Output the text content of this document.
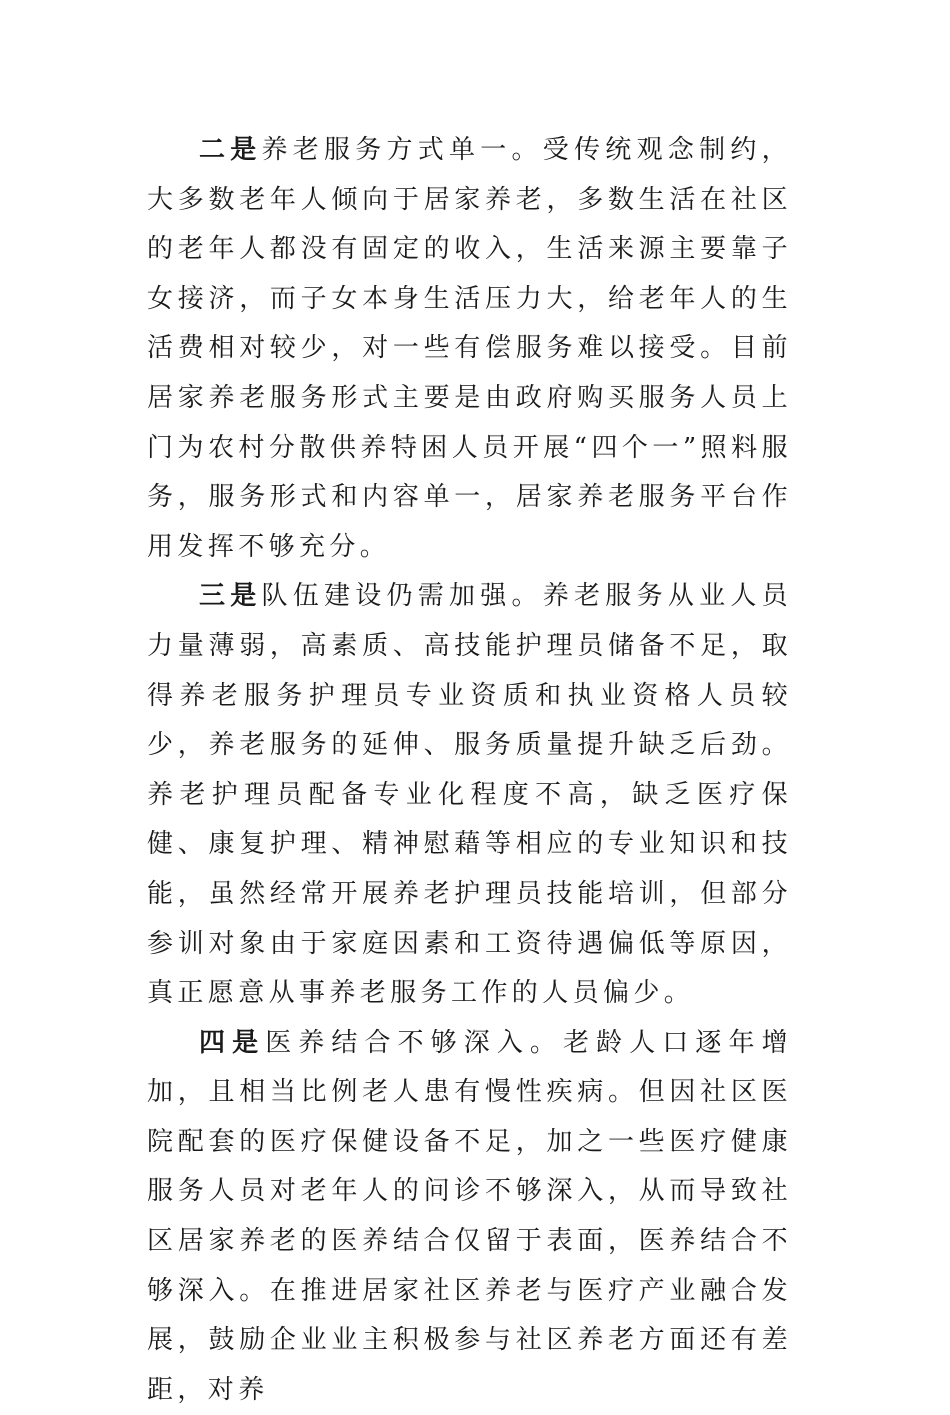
二是养老服务方式单一。受传统观念制约，大多数老年人倾向于居家养老，多数生活在社区的老年人都没有固定的收入，生活来源主要靠子女接济，而子女本身生活压力大，给老年人的生活费相对较少，对一些有偿服务难以接受。目前居家养老服务形式主要是由政府购买服务人员上门为农村分散供养特困人员开展“四个一”照料服务，服务形式和内容单一，居家养老服务平台作用发挥不够充分。

三是队伍建设仍需加强。养老服务从业人员力量薄弱，高素质、高技能护理员储备不足，取得养老服务护理员专业资质和执业资格人员较少，养老服务的延伸、服务质量提升缺乏后劲。养老护理员配备专业化程度不高，缺乏医疗保健、康复护理、精神慰藉等相应的专业知识和技能，虽然经常开展养老护理员技能培训，但部分参训对象由于家庭因素和工资待遇偏低等原因，真正愿意从事养老服务工作的人员偏少。

四是医养结合不够深入。老龄人口逐年增加，且相当比例老人患有慢性疾病。但因社区医院配套的医疗保健设备不足，加之一些医疗健康服务人员对老年人的问诊不够深入，从而导致社区居家养老的医养结合仅留于表面，医养结合不够深入。在推进居家社区养老与医疗产业融合发展，鼓励企业业主积极参与社区养老方面还有差距，对养
